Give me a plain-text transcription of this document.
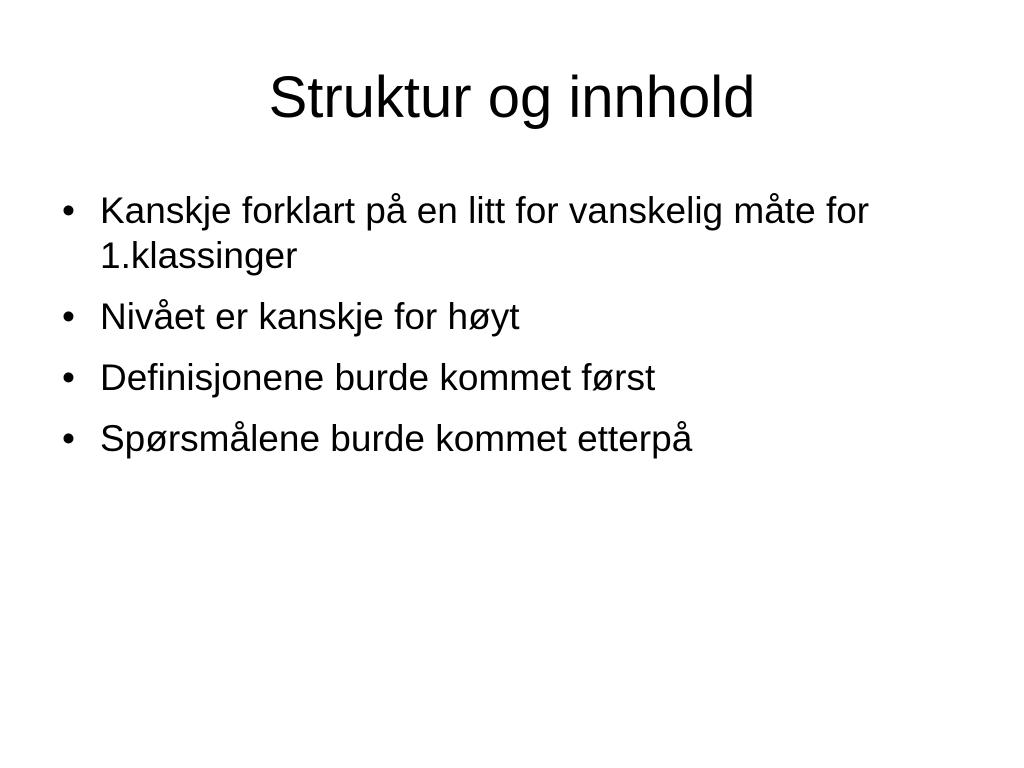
Struktur og innhold
• Kanskje forklart på en litt for vanskelig måte for 1.klassinger
• Nivået er kanskje for høyt
• Definisjonene burde kommet først
• Spørsmålene burde kommet etterpå
